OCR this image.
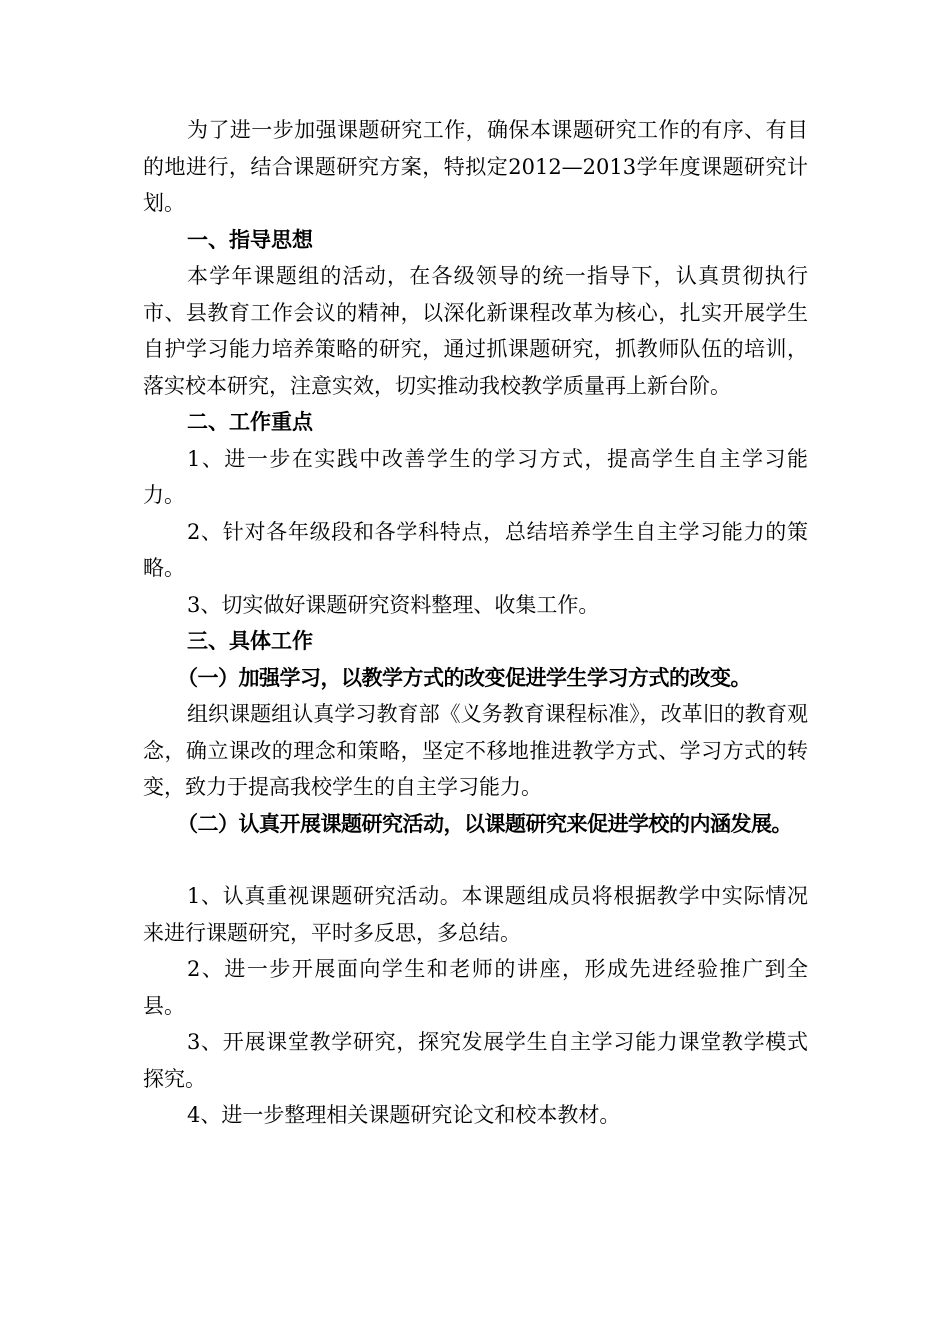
为了进一步加强课题研究工作，确保本课题研究工作的有序、有目的地进行，结合课题研究方案，特拟定2012—2013学年度课题研究计划。

一、指导思想

本学年课题组的活动，在各级领导的统一指导下，认真贯彻执行市、县教育工作会议的精神，以深化新课程改革为核心，扎实开展学生自护学习能力培养策略的研究，通过抓课题研究，抓教师队伍的培训，落实校本研究，注意实效，切实推动我校教学质量再上新台阶。

二、工作重点

1、进一步在实践中改善学生的学习方式，提高学生自主学习能力。

2、针对各年级段和各学科特点，总结培养学生自主学习能力的策略。

3、切实做好课题研究资料整理、收集工作。

三、具体工作

（一）加强学习，以教学方式的改变促进学生学习方式的改变。

组织课题组认真学习教育部《义务教育课程标准》，改革旧的教育观念，确立课改的理念和策略，坚定不移地推进教学方式、学习方式的转变，致力于提高我校学生的自主学习能力。

（二）认真开展课题研究活动，以课题研究来促进学校的内涵发展。

1、认真重视课题研究活动。本课题组成员将根据教学中实际情况来进行课题研究，平时多反思，多总结。

2、进一步开展面向学生和老师的讲座，形成先进经验推广到全县。

3、开展课堂教学研究，探究发展学生自主学习能力课堂教学模式探究。

4、进一步整理相关课题研究论文和校本教材。
